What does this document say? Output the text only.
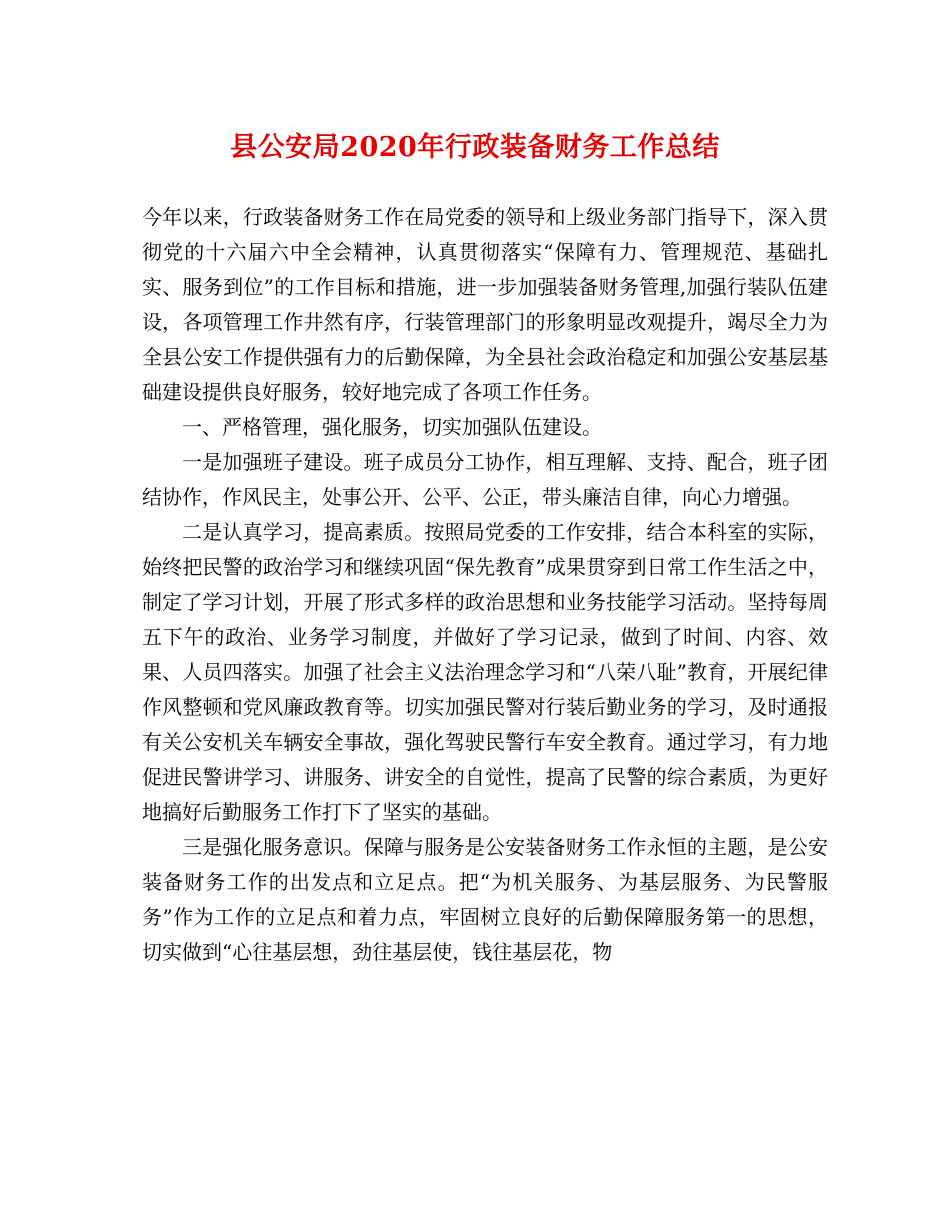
县公安局2020年行政装备财务工作总结

今年以来，行政装备财务工作在局党委的领导和上级业务部门指导下，深入贯彻党的十六届六中全会精神，认真贯彻落实“保障有力、管理规范、基础扎实、服务到位”的工作目标和措施，进一步加强装备财务管理,加强行装队伍建设，各项管理工作井然有序，行装管理部门的形象明显改观提升，竭尽全力为全县公安工作提供强有力的后勤保障，为全县社会政治稳定和加强公安基层基础建设提供良好服务，较好地完成了各项工作任务。

一、严格管理，强化服务，切实加强队伍建设。

一是加强班子建设。班子成员分工协作，相互理解、支持、配合，班子团结协作，作风民主，处事公开、公平、公正，带头廉洁自律，向心力增强。

二是认真学习，提高素质。按照局党委的工作安排，结合本科室的实际，始终把民警的政治学习和继续巩固“保先教育”成果贯穿到日常工作生活之中，制定了学习计划，开展了形式多样的政治思想和业务技能学习活动。坚持每周五下午的政治、业务学习制度，并做好了学习记录，做到了时间、内容、效果、人员四落实。加强了社会主义法治理念学习和“八荣八耻”教育，开展纪律作风整顿和党风廉政教育等。切实加强民警对行装后勤业务的学习，及时通报有关公安机关车辆安全事故，强化驾驶民警行车安全教育。通过学习，有力地促进民警讲学习、讲服务、讲安全的自觉性，提高了民警的综合素质，为更好地搞好后勤服务工作打下了坚实的基础。

三是强化服务意识。保障与服务是公安装备财务工作永恒的主题，是公安装备财务工作的出发点和立足点。把“为机关服务、为基层服务、为民警服务”作为工作的立足点和着力点，牢固树立良好的后勤保障服务第一的思想，切实做到“心往基层想，劲往基层使，钱往基层花，物
